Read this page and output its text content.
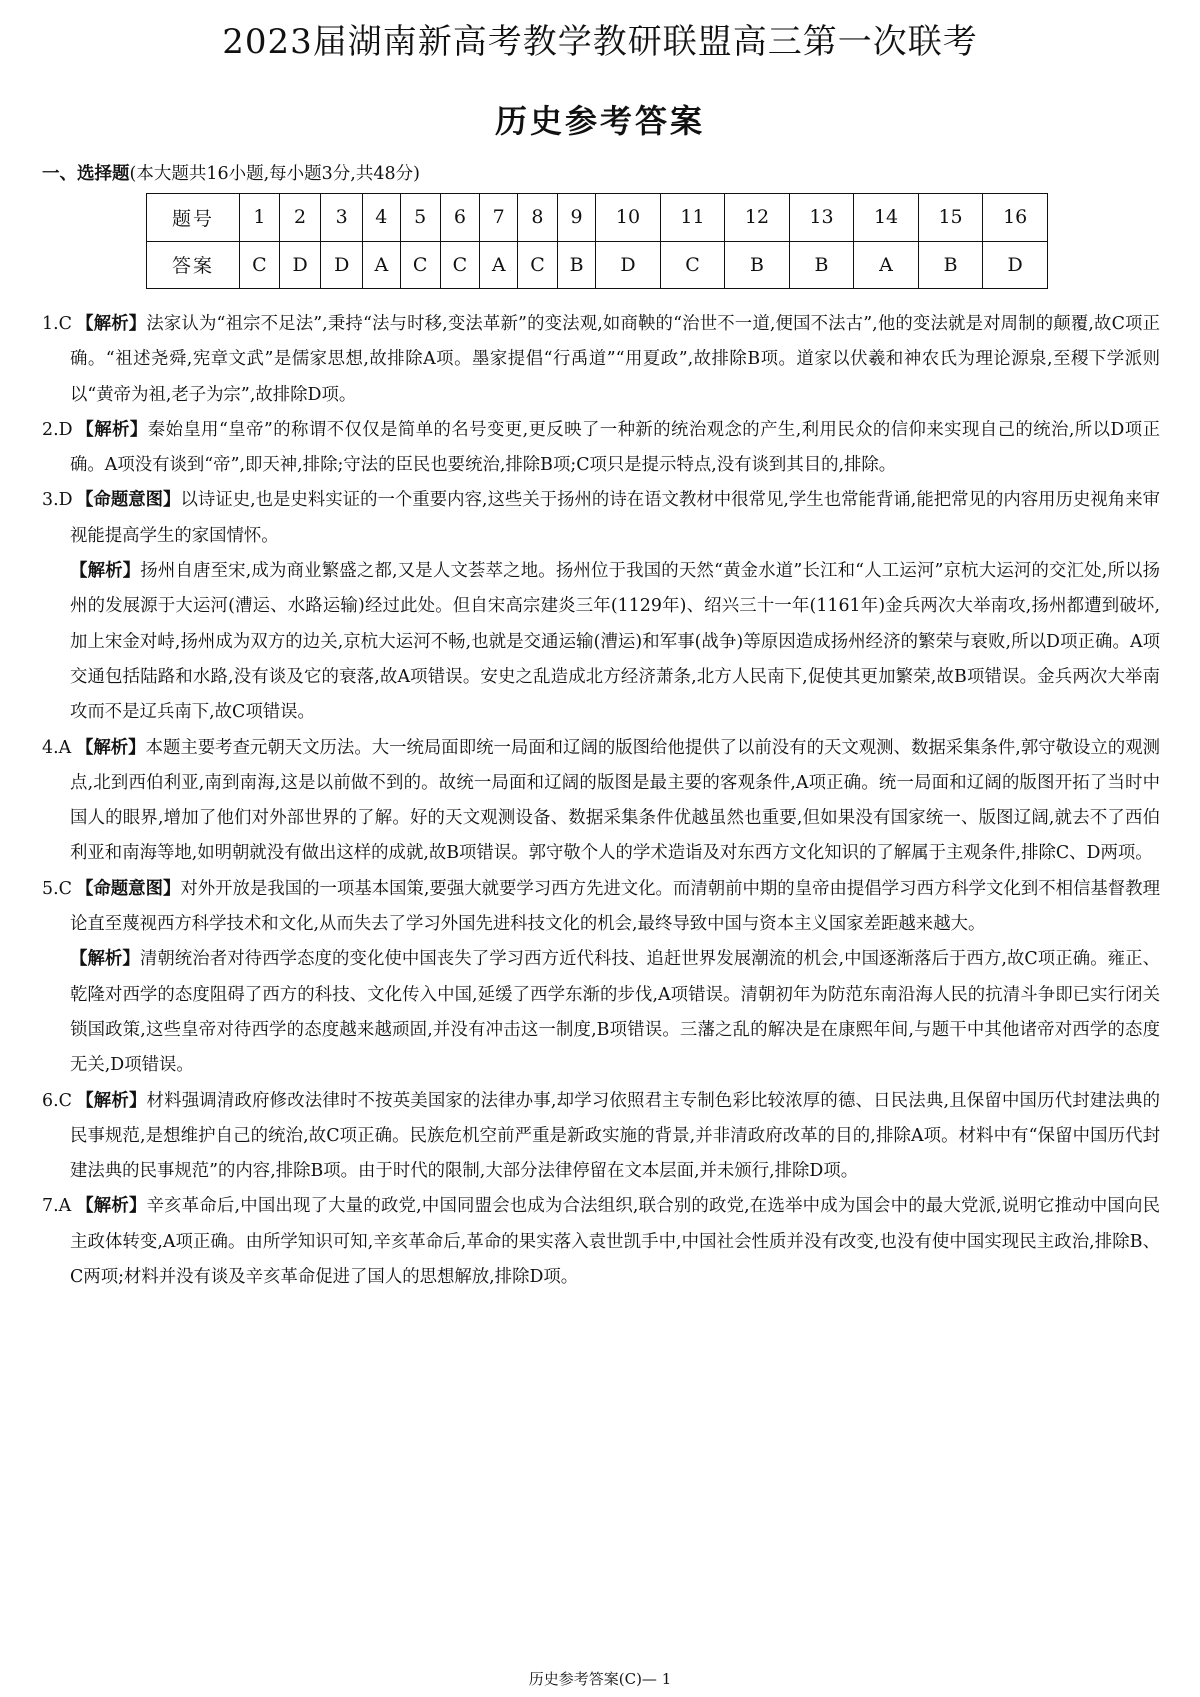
2023届湖南新高考教学教研联盟高三第一次联考
历史参考答案
一、选择题(本大题共16小题,每小题3分,共48分)
题号	1	2	3	4	5	6	7	8	9	10	11	12	13	14	15	16
答案	C	D	D	A	C	C	A	C	B	D	C	B	B	A	B	D

1.C 【解析】法家认为“祖宗不足法”,秉持“法与时移,变法革新”的变法观,如商鞅的“治世不一道,便国不法古”,他的变法就是对周制的颠覆,故C项正确。“祖述尧舜,宪章文武”是儒家思想,故排除A项。墨家提倡“行禹道”“用夏政”,故排除B项。道家以伏羲和神农氏为理论源泉,至稷下学派则以“黄帝为祖,老子为宗”,故排除D项。

2.D 【解析】秦始皇用“皇帝”的称谓不仅仅是简单的名号变更,更反映了一种新的统治观念的产生,利用民众的信仰来实现自己的统治,所以D项正确。A项没有谈到“帝”,即天神,排除;守法的臣民也要统治,排除B项;C项只是提示特点,没有谈到其目的,排除。

3.D 【命题意图】以诗证史,也是史料实证的一个重要内容,这些关于扬州的诗在语文教材中很常见,学生也常能背诵,能把常见的内容用历史视角来审视能提高学生的家国情怀。

【解析】扬州自唐至宋,成为商业繁盛之都,又是人文荟萃之地。扬州位于我国的天然“黄金水道”长江和“人工运河”京杭大运河的交汇处,所以扬州的发展源于大运河(漕运、水路运输)经过此处。但自宋高宗建炎三年(1129年)、绍兴三十一年(1161年)金兵两次大举南攻,扬州都遭到破坏,加上宋金对峙,扬州成为双方的边关,京杭大运河不畅,也就是交通运输(漕运)和军事(战争)等原因造成扬州经济的繁荣与衰败,所以D项正确。A项交通包括陆路和水路,没有谈及它的衰落,故A项错误。安史之乱造成北方经济萧条,北方人民南下,促使其更加繁荣,故B项错误。金兵两次大举南攻而不是辽兵南下,故C项错误。

4.A 【解析】本题主要考查元朝天文历法。大一统局面即统一局面和辽阔的版图给他提供了以前没有的天文观测、数据采集条件,郭守敬设立的观测点,北到西伯利亚,南到南海,这是以前做不到的。故统一局面和辽阔的版图是最主要的客观条件,A项正确。统一局面和辽阔的版图开拓了当时中国人的眼界,增加了他们对外部世界的了解。好的天文观测设备、数据采集条件优越虽然也重要,但如果没有国家统一、版图辽阔,就去不了西伯利亚和南海等地,如明朝就没有做出这样的成就,故B项错误。郭守敬个人的学术造诣及对东西方文化知识的了解属于主观条件,排除C、D两项。

5.C 【命题意图】对外开放是我国的一项基本国策,要强大就要学习西方先进文化。而清朝前中期的皇帝由提倡学习西方科学文化到不相信基督教理论直至蔑视西方科学技术和文化,从而失去了学习外国先进科技文化的机会,最终导致中国与资本主义国家差距越来越大。

【解析】清朝统治者对待西学态度的变化使中国丧失了学习西方近代科技、追赶世界发展潮流的机会,中国逐渐落后于西方,故C项正确。雍正、乾隆对西学的态度阻碍了西方的科技、文化传入中国,延缓了西学东渐的步伐,A项错误。清朝初年为防范东南沿海人民的抗清斗争即已实行闭关锁国政策,这些皇帝对待西学的态度越来越顽固,并没有冲击这一制度,B项错误。三藩之乱的解决是在康熙年间,与题干中其他诸帝对西学的态度无关,D项错误。

6.C 【解析】材料强调清政府修改法律时不按英美国家的法律办事,却学习依照君主专制色彩比较浓厚的德、日民法典,且保留中国历代封建法典的民事规范,是想维护自己的统治,故C项正确。民族危机空前严重是新政实施的背景,并非清政府改革的目的,排除A项。材料中有“保留中国历代封建法典的民事规范”的内容,排除B项。由于时代的限制,大部分法律停留在文本层面,并未颁行,排除D项。

7.A 【解析】辛亥革命后,中国出现了大量的政党,中国同盟会也成为合法组织,联合别的政党,在选举中成为国会中的最大党派,说明它推动中国向民主政体转变,A项正确。由所学知识可知,辛亥革命后,革命的果实落入袁世凯手中,中国社会性质并没有改变,也没有使中国实现民主政治,排除B、C两项;材料并没有谈及辛亥革命促进了国人的思想解放,排除D项。

历史参考答案(C)— 1
